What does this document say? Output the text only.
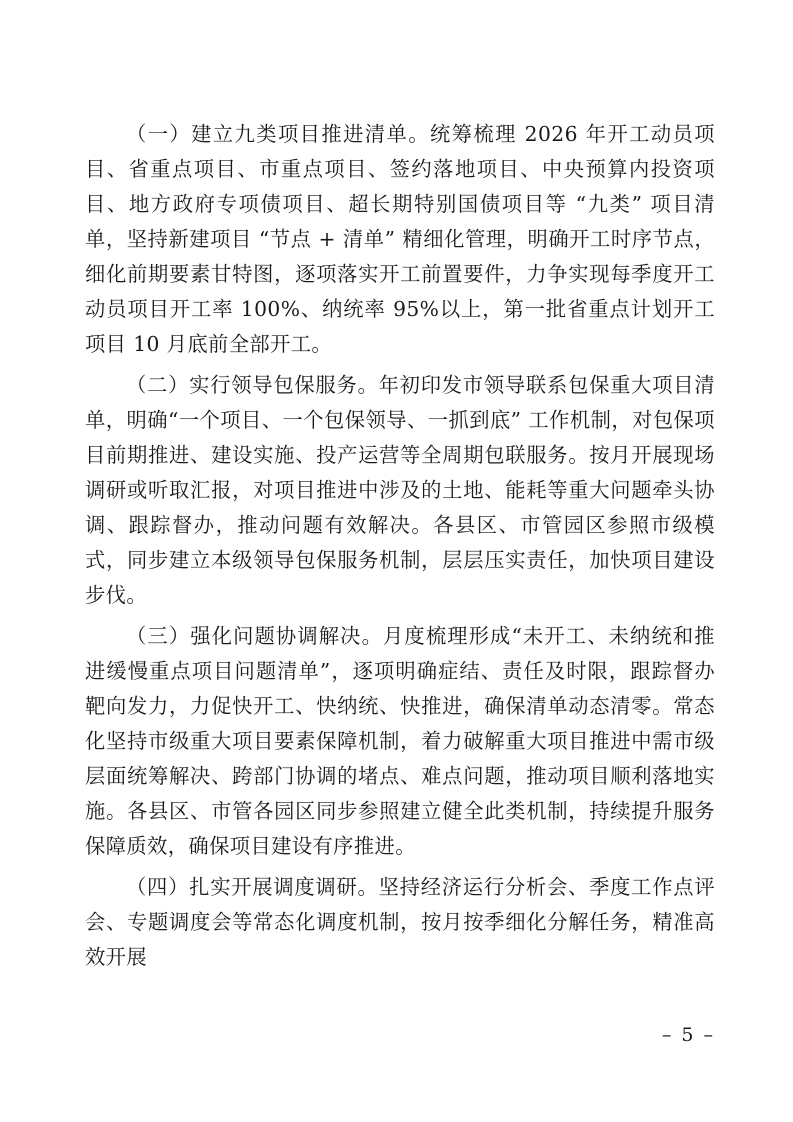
（一）建立九类项目推进清单。统筹梳理 2026 年开工动员项目、省重点项目、市重点项目、签约落地项目、中央预算内投资项目、地方政府专项债项目、超长期特别国债项目等 “九类” 项目清单，坚持新建项目 “节点 + 清单” 精细化管理，明确开工时序节点，细化前期要素甘特图，逐项落实开工前置要件，力争实现每季度开工动员项目开工率 100%、纳统率 95%以上，第一批省重点计划开工项目 10 月底前全部开工。

（二）实行领导包保服务。年初印发市领导联系包保重大项目清单，明确“一个项目、一个包保领导、一抓到底” 工作机制，对包保项目前期推进、建设实施、投产运营等全周期包联服务。按月开展现场调研或听取汇报，对项目推进中涉及的土地、能耗等重大问题牵头协调、跟踪督办，推动问题有效解决。各县区、市管园区参照市级模式，同步建立本级领导包保服务机制，层层压实责任，加快项目建设步伐。

（三）强化问题协调解决。月度梳理形成“未开工、未纳统和推进缓慢重点项目问题清单”，逐项明确症结、责任及时限，跟踪督办靶向发力，力促快开工、快纳统、快推进，确保清单动态清零。常态化坚持市级重大项目要素保障机制，着力破解重大项目推进中需市级层面统筹解决、跨部门协调的堵点、难点问题，推动项目顺利落地实施。各县区、市管各园区同步参照建立健全此类机制，持续提升服务保障质效，确保项目建设有序推进。

（四）扎实开展调度调研。坚持经济运行分析会、季度工作点评会、专题调度会等常态化调度机制，按月按季细化分解任务，精准高效开展

– 5 –
